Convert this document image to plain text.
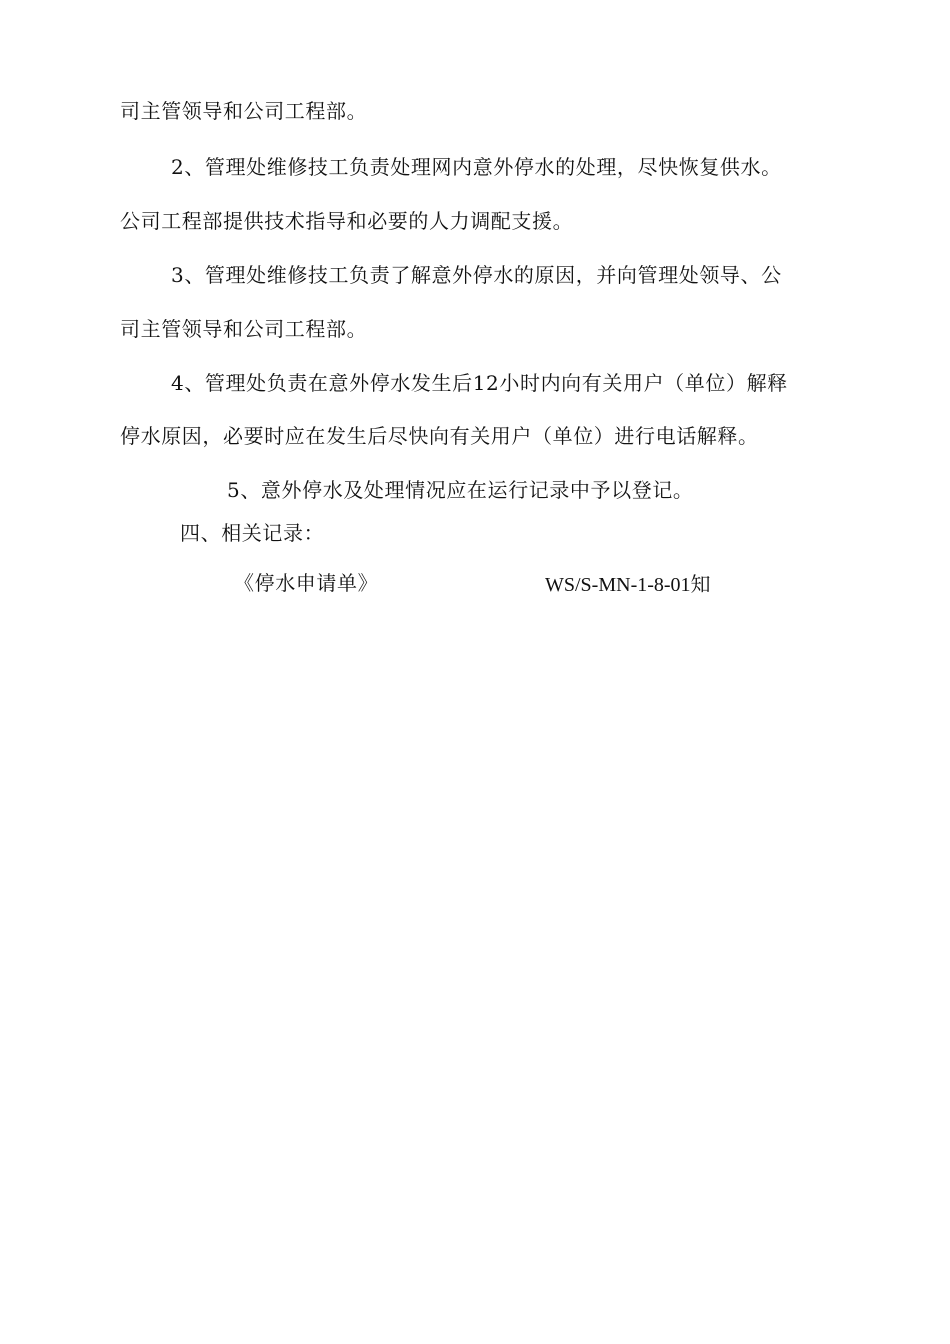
司主管领导和公司工程部。
2、管理处维修技工负责处理网内意外停水的处理，尽快恢复供水。
公司工程部提供技术指导和必要的人力调配支援。
3、管理处维修技工负责了解意外停水的原因，并向管理处领导、公
司主管领导和公司工程部。
4、管理处负责在意外停水发生后12小时内向有关用户（单位）解释
停水原因，必要时应在发生后尽快向有关用户（单位）进行电话解释。
5、意外停水及处理情况应在运行记录中予以登记。
四、相关记录：
《停水申请单》	WS/S-MN-1-8-01知
